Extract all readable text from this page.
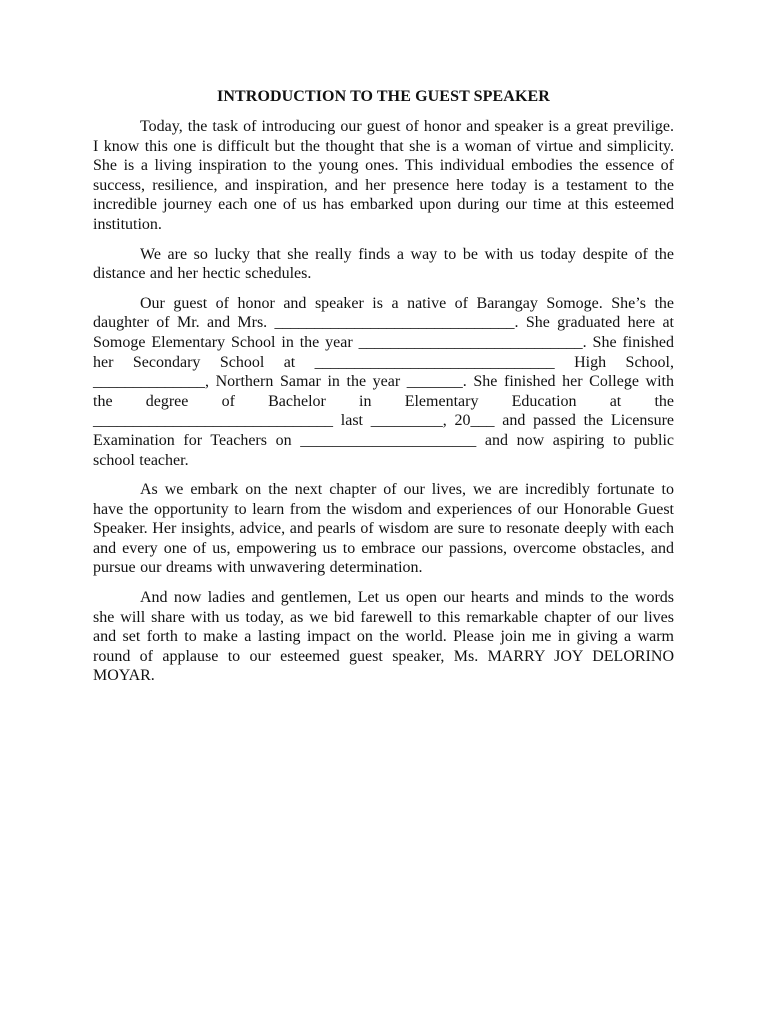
INTRODUCTION TO THE GUEST SPEAKER

Today, the task of introducing our guest of honor and speaker is a great previlige. I know this one is difficult but the thought that she is a woman of virtue and simplicity. She is a living inspiration to the young ones. This individual embodies the essence of success, resilience, and inspiration, and her presence here today is a testament to the incredible journey each one of us has embarked upon during our time at this esteemed institution.

We are so lucky that she really finds a way to be with us today despite of the distance and her hectic schedules.

Our guest of honor and speaker is a native of Barangay Somoge. She’s the daughter of Mr. and Mrs. ______________________________. She graduated here at Somoge Elementary School in the year ____________________________. She finished her Secondary School at ______________________________ High School, ______________, Northern Samar in the year _______. She finished her College with the degree of Bachelor in Elementary Education at the ______________________________ last _________, 20___ and passed the Licensure Examination for Teachers on ______________________ and now aspiring to public school teacher.

As we embark on the next chapter of our lives, we are incredibly fortunate to have the opportunity to learn from the wisdom and experiences of our Honorable Guest Speaker. Her insights, advice, and pearls of wisdom are sure to resonate deeply with each and every one of us, empowering us to embrace our passions, overcome obstacles, and pursue our dreams with unwavering determination.

And now ladies and gentlemen, Let us open our hearts and minds to the words she will share with us today, as we bid farewell to this remarkable chapter of our lives and set forth to make a lasting impact on the world. Please join me in giving a warm round of applause to our esteemed guest speaker, Ms. MARRY JOY DELORINO MOYAR.
